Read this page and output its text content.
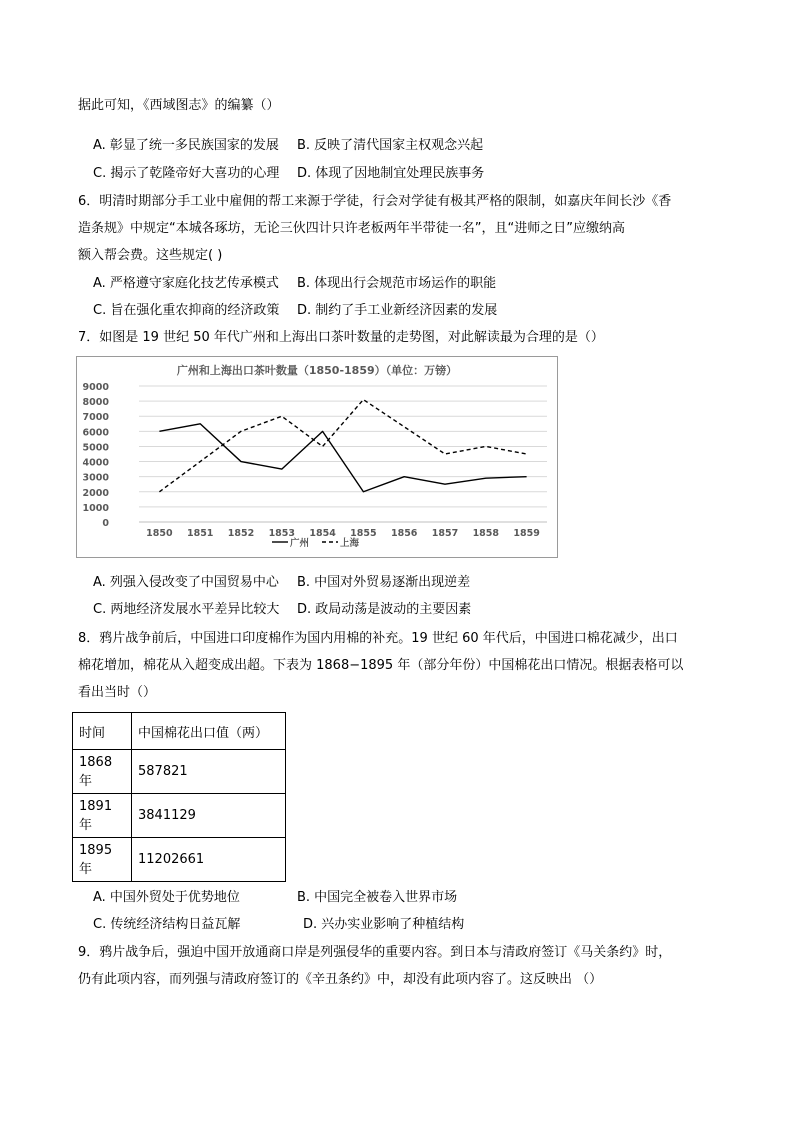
据此可知，《西域图志》的编纂（）
A. 彰显了统一多民族国家的发展 B. 反映了清代国家主权观念兴起
C. 揭示了乾隆帝好大喜功的心理 D. 体现了因地制宜处理民族事务
6．明清时期部分手工业中雇佣的帮工来源于学徒，行会对学徒有极其严格的限制，如嘉庆年间长沙《香
造条规》中规定“本城各琢坊，无论三伙四计只许老板两年半带徒一名”，且“进师之日”应缴纳高
额入帮会费。这些规定( )
A. 严格遵守家庭化技艺传承模式 B. 体现出行会规范市场运作的职能
C. 旨在强化重农抑商的经济政策 D. 制约了手工业新经济因素的发展
7．如图是 19 世纪 50 年代广州和上海出口茶叶数量的走势图，对此解读最为合理的是（）
广州和上海出口茶叶数量（1850-1859）（单位：万镑）
0
1000
2000
3000
4000
5000
6000
7000
8000
9000
1850 1851 1852 1853 1854 1855 1856 1857 1858 1859
广州	上海
A. 列强入侵改变了中国贸易中心 B. 中国对外贸易逐渐出现逆差
C. 两地经济发展水平差异比较大 D. 政局动荡是波动的主要因素
8．鸦片战争前后，中国进口印度棉作为国内用棉的补充。19 世纪 60 年代后，中国进口棉花减少，出口
棉花增加，棉花从入超变成出超。下表为 1868−1895 年（部分年份）中国棉花出口情况。根据表格可以
看出当时（）
时间	中国棉花出口值（两）
1868 年	587821
1891 年	3841129
1895 年	11202661
A. 中国外贸处于优势地位	B. 中国完全被卷入世界市场
C. 传统经济结构日益瓦解	D. 兴办实业影响了种植结构
9．鸦片战争后，强迫中国开放通商口岸是列强侵华的重要内容。到日本与清政府签订《马关条约》时，
仍有此项内容，而列强与清政府签订的《辛丑条约》中，却没有此项内容了。这反映出 （）
